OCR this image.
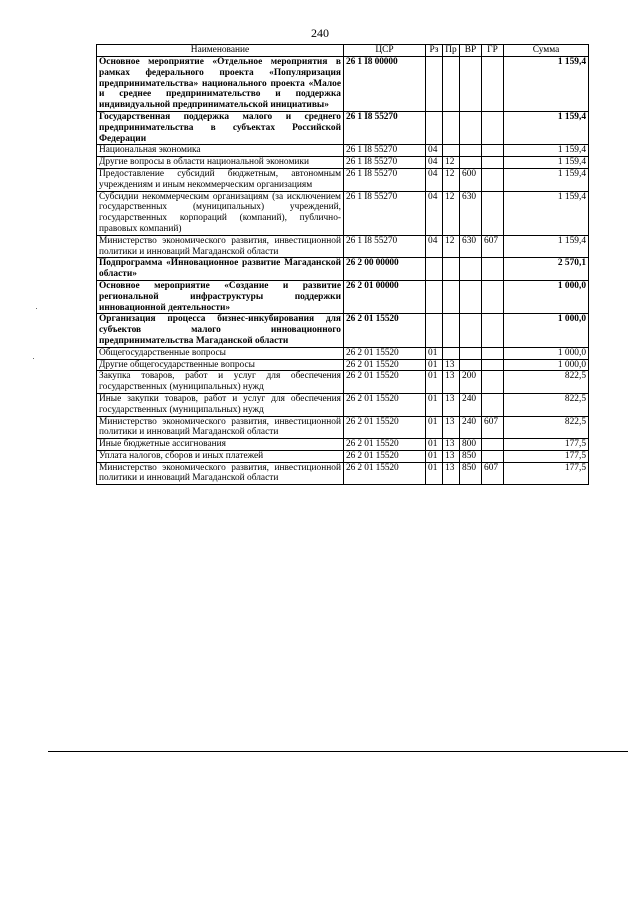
240
Наименование	ЦСР	Рз	Пр	ВР	ГР	Сумма
Основное мероприятие «Отдельное мероприятия в рамках федерального проекта «Популяризация предпринимательства» национального проекта «Малое и среднее предпринимательство и поддержка индивидуальной предпринимательской инициативы»	26 1 I8 00000					1 159,4
Государственная поддержка малого и среднего предпринимательства в субъектах Российской Федерации	26 1 I8 55270					1 159,4
Национальная экономика	26 1 I8 55270	04				1 159,4
Другие вопросы в области национальной экономики	26 1 I8 55270	04	12			1 159,4
Предоставление субсидий бюджетным, автономным учреждениям и иным некоммерческим организациям	26 1 I8 55270	04	12	600		1 159,4
Субсидии некоммерческим организациям (за исключением государственных (муниципальных) учреждений, государственных корпораций (компаний), публично-правовых компаний)	26 1 I8 55270	04	12	630		1 159,4
Министерство экономического развития, инвестиционной политики и инноваций Магаданской области	26 1 I8 55270	04	12	630	607	1 159,4
Подпрограмма «Инновационное развитие Магаданской области»	26 2 00 00000					2 570,1
Основное мероприятие «Создание и развитие региональной инфраструктуры поддержки инновационной деятельности»	26 2 01 00000					1 000,0
Организация процесса бизнес-инкубирования для субъектов малого инновационного предпринимательства Магаданской области	26 2 01 15520					1 000,0
Общегосударственные вопросы	26 2 01 15520	01				1 000,0
Другие общегосударственные вопросы	26 2 01 15520	01	13			1 000,0
Закупка товаров, работ и услуг для обеспечения государственных (муниципальных) нужд	26 2 01 15520	01	13	200		822,5
Иные закупки товаров, работ и услуг для обеспечения государственных (муниципальных) нужд	26 2 01 15520	01	13	240		822,5
Министерство экономического развития, инвестиционной политики и инноваций Магаданской области	26 2 01 15520	01	13	240	607	822,5
Иные бюджетные ассигнования	26 2 01 15520	01	13	800		177,5
Уплата налогов, сборов и иных платежей	26 2 01 15520	01	13	850		177,5
Министерство экономического развития, инвестиционной политики и инноваций Магаданской области	26 2 01 15520	01	13	850	607	177,5
